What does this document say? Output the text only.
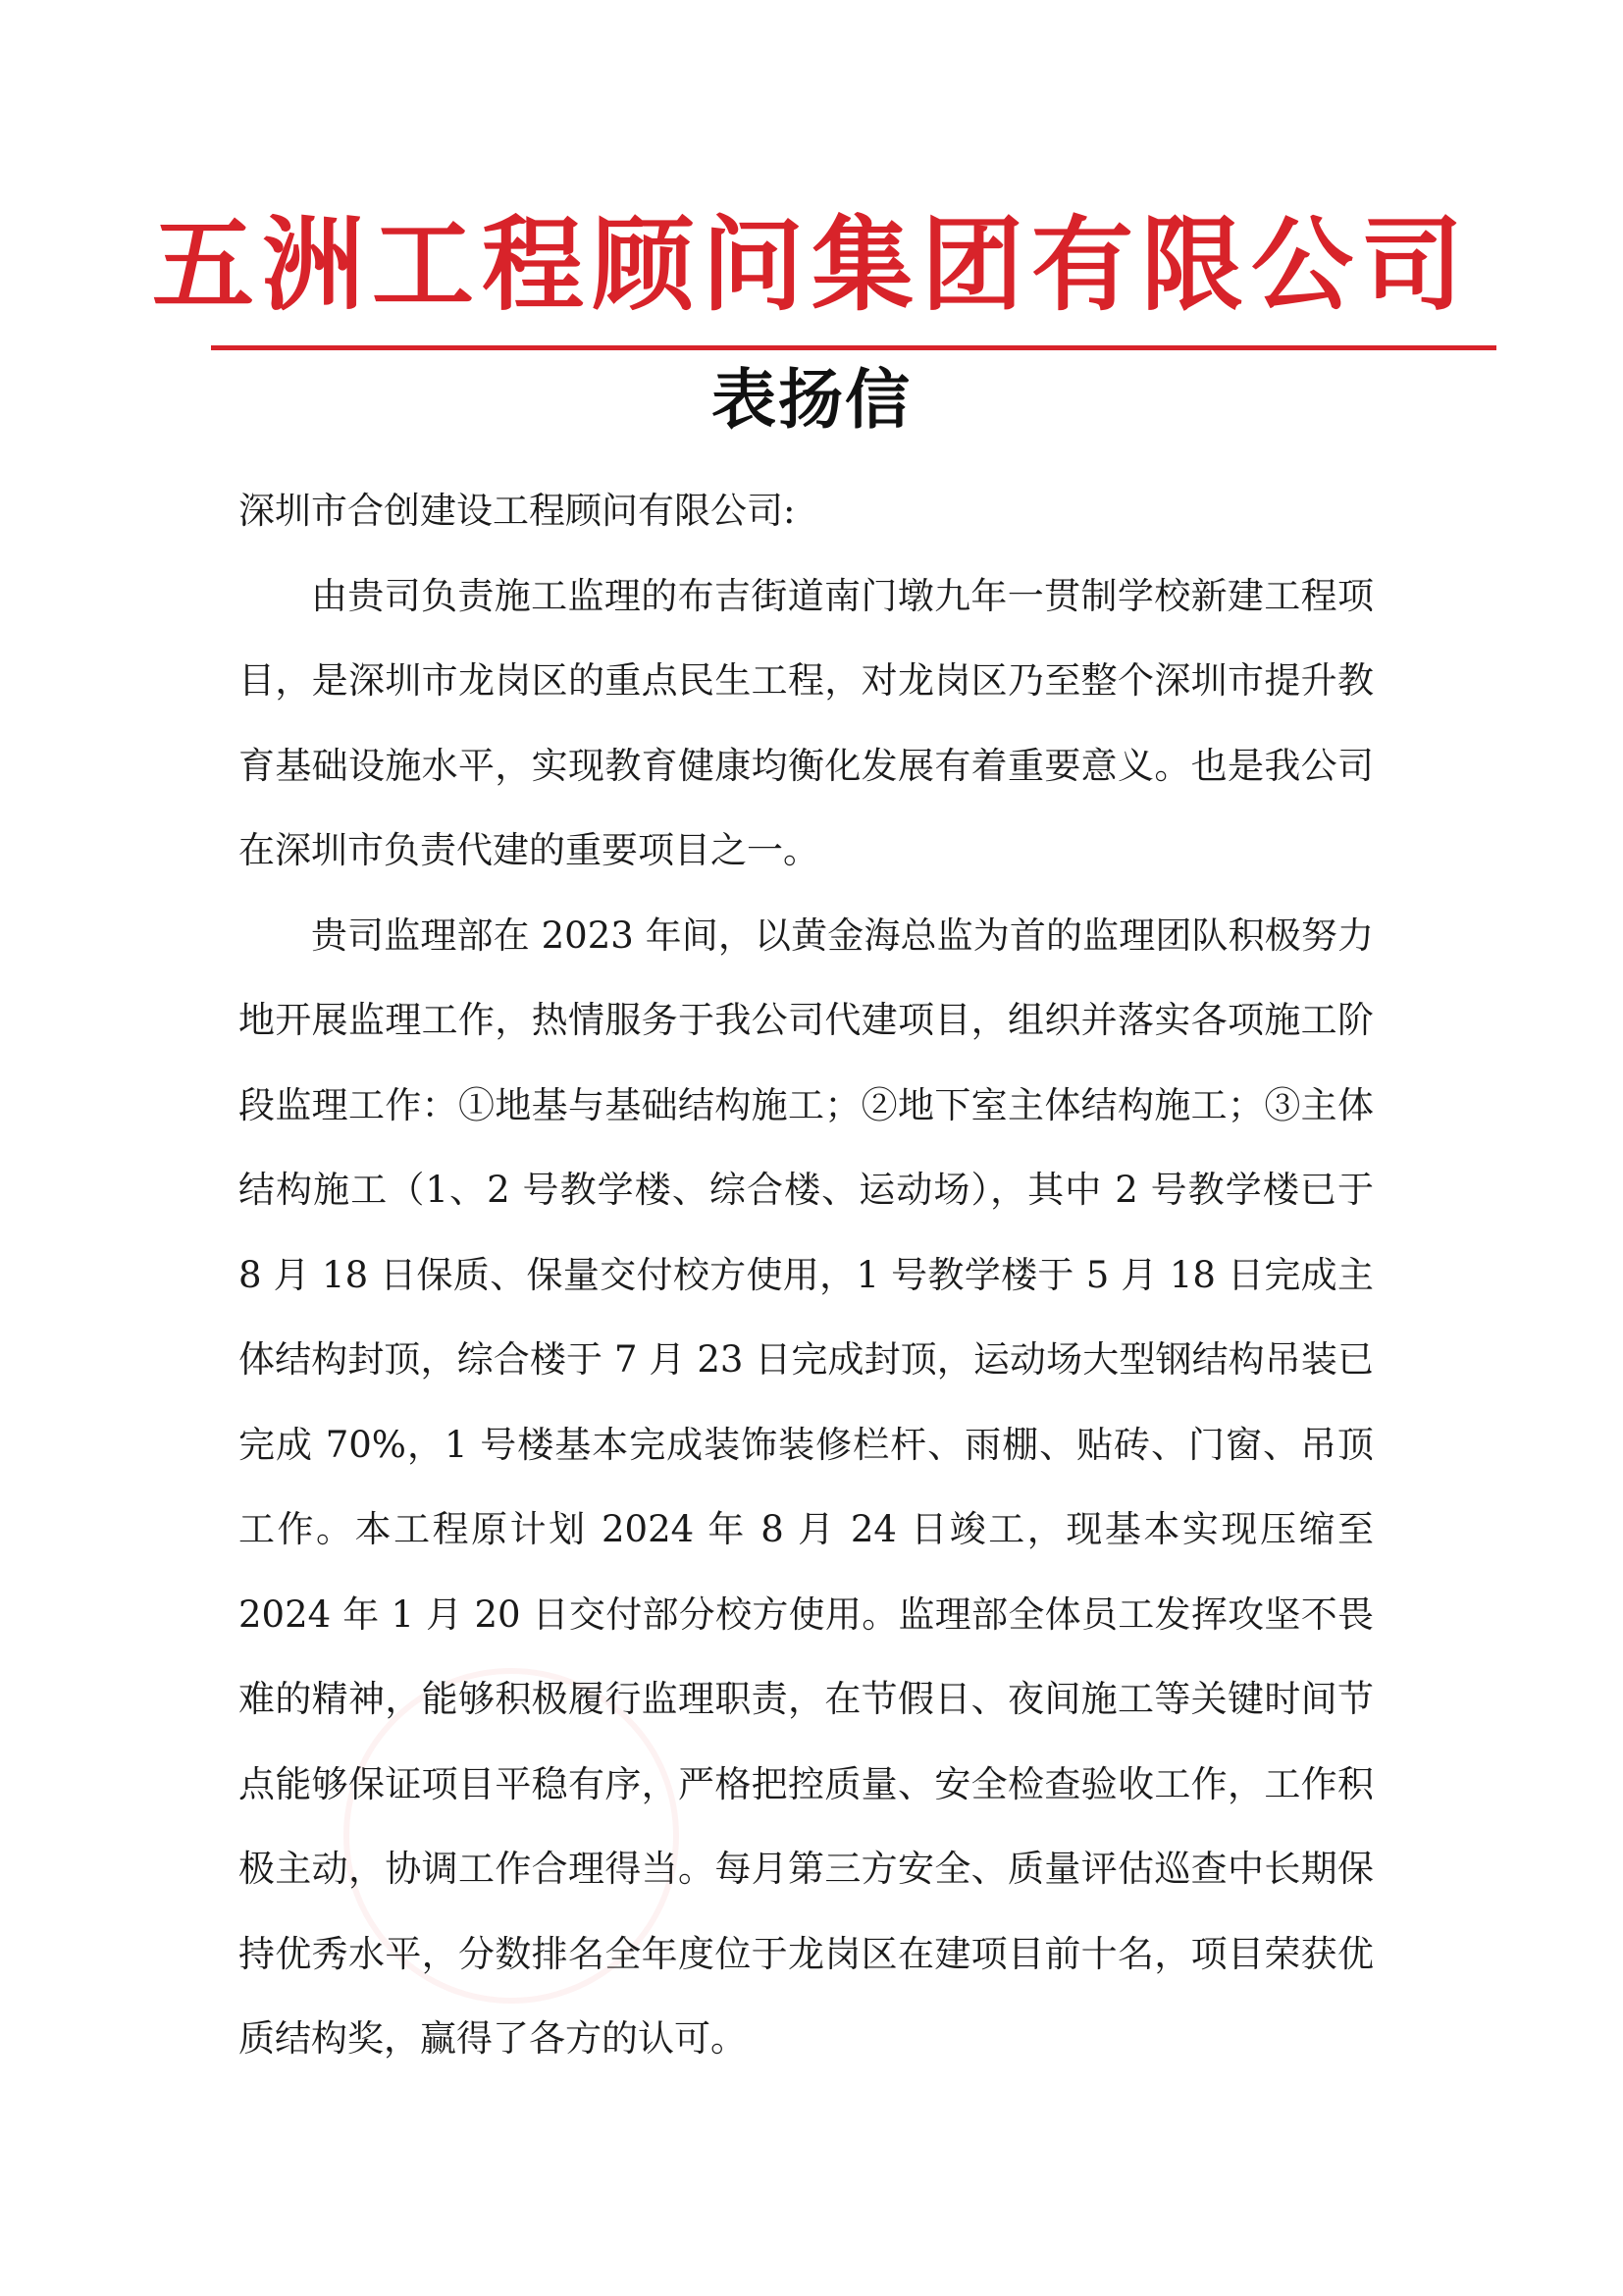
五洲工程顾问集团有限公司
表扬信

深圳市合创建设工程顾问有限公司:

由贵司负责施工监理的布吉街道南门墩九年一贯制学校新建工程项目，是深圳市龙岗区的重点民生工程，对龙岗区乃至整个深圳市提升教育基础设施水平，实现教育健康均衡化发展有着重要意义。也是我公司在深圳市负责代建的重要项目之一。

贵司监理部在 2023 年间，以黄金海总监为首的监理团队积极努力地开展监理工作，热情服务于我公司代建项目，组织并落实各项施工阶段监理工作：①地基与基础结构施工；②地下室主体结构施工；③主体结构施工（1、2 号教学楼、综合楼、运动场），其中 2 号教学楼已于 8 月 18 日保质、保量交付校方使用，1 号教学楼于 5 月 18 日完成主体结构封顶，综合楼于 7 月 23 日完成封顶，运动场大型钢结构吊装已完成 70%，1 号楼基本完成装饰装修栏杆、雨棚、贴砖、门窗、吊顶工作。本工程原计划 2024 年 8 月 24 日竣工，现基本实现压缩至 2024 年 1 月 20 日交付部分校方使用。监理部全体员工发挥攻坚不畏难的精神，能够积极履行监理职责，在节假日、夜间施工等关键时间节点能够保证项目平稳有序，严格把控质量、安全检查验收工作，工作积极主动，协调工作合理得当。每月第三方安全、质量评估巡查中长期保持优秀水平，分数排名全年度位于龙岗区在建项目前十名，项目荣获优质结构奖，赢得了各方的认可。
